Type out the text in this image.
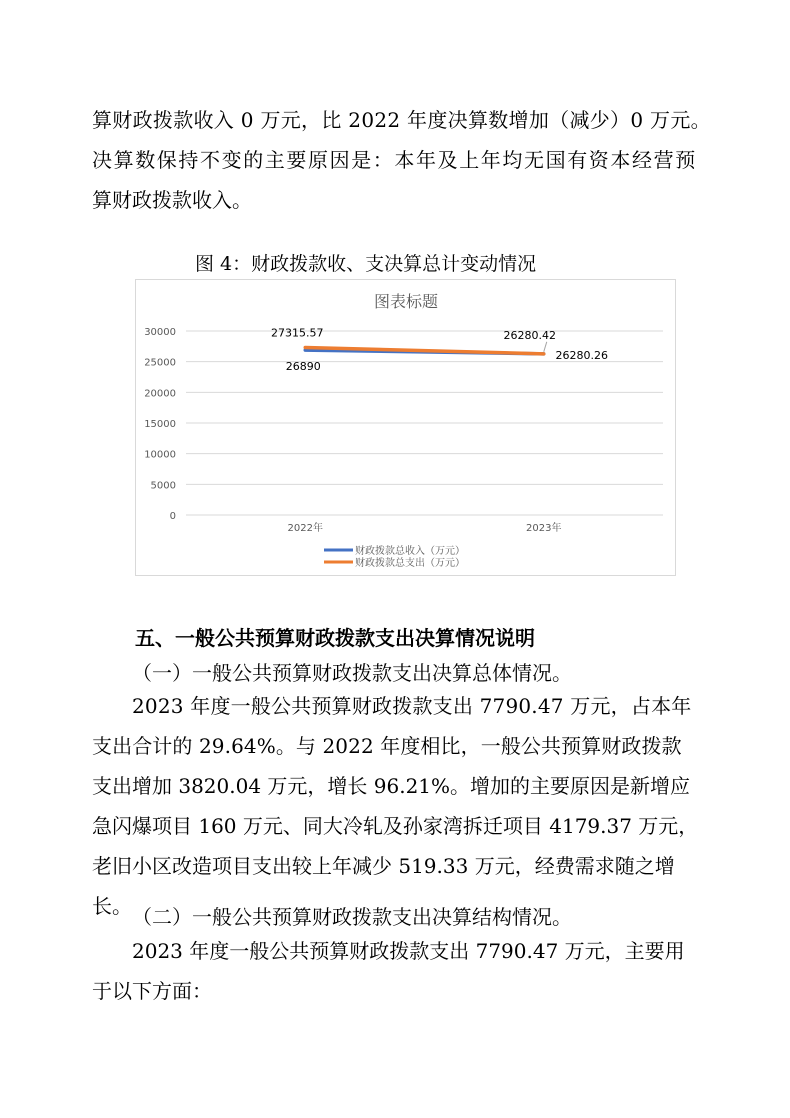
算财政拨款收入 0 万元，比 2022 年度决算数增加（减少）0 万元。
决算数保持不变的主要原因是：本年及上年均无国有资本经营预
算财政拨款收入。
图 4：财政拨款收、支决算总计变动情况
图表标题
0
5000
10000
15000
20000
25000
30000
2022年	2023年
26890
26280.26
27315.57	26280.42
财政拨款总收入（万元）
财政拨款总支出（万元）
五、一般公共预算财政拨款支出决算情况说明
（一）一般公共预算财政拨款支出决算总体情况。
2023 年度一般公共预算财政拨款支出 7790.47 万元，占本年
支出合计的 29.64%。与 2022 年度相比，一般公共预算财政拨款
支出增加 3820.04 万元，增长 96.21%。增加的主要原因是新增应
急闪爆项目 160 万元、同大冷轧及孙家湾拆迁项目 4179.37 万元，
老旧小区改造项目支出较上年减少 519.33 万元，经费需求随之增
长。 （二）一般公共预算财政拨款支出决算结构情况。
2023 年度一般公共预算财政拨款支出 7790.47 万元，主要用
于以下方面：
